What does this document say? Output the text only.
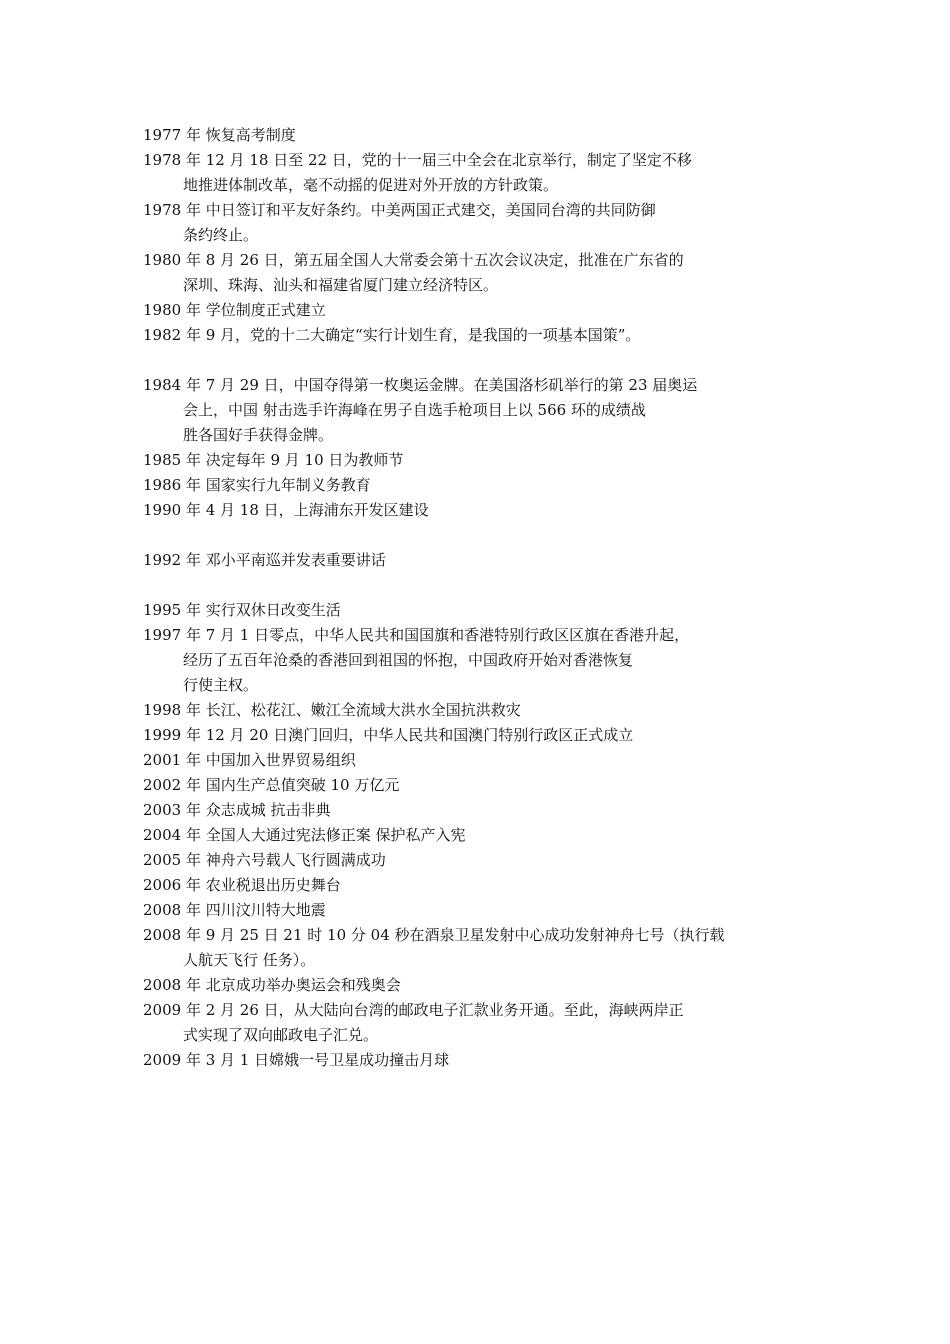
1977 年 恢复高考制度
1978 年 12 月 18 日至 22 日，党的十一届三中全会在北京举行，制定了坚定不移
地推进体制改革，毫不动摇的促进对外开放的方针政策。
1978 年 中日签订和平友好条约。中美两国正式建交，美国同台湾的共同防御
条约终止。
1980 年 8 月 26 日，第五届全国人大常委会第十五次会议决定，批准在广东省的
深圳、珠海、汕头和福建省厦门建立经济特区。
1980 年 学位制度正式建立
1982 年 9 月，党的十二大确定“实行计划生育，是我国的一项基本国策”。
1984 年 7 月 29 日，中国夺得第一枚奥运金牌。在美国洛杉矶举行的第 23 届奥运
会上，中国 射击选手许海峰在男子自选手枪项目上以 566 环的成绩战
胜各国好手获得金牌。
1985 年 决定每年 9 月 10 日为教师节
1986 年 国家实行九年制义务教育
1990 年 4 月 18 日，上海浦东开发区建设
1992 年 邓小平南巡并发表重要讲话
1995 年 实行双休日改变生活
1997 年 7 月 1 日零点，中华人民共和国国旗和香港特别行政区区旗在香港升起，
经历了五百年沧桑的香港回到祖国的怀抱，中国政府开始对香港恢复
行使主权。
1998 年 长江、松花江、嫩江全流域大洪水全国抗洪救灾
1999 年 12 月 20 日澳门回归，中华人民共和国澳门特别行政区正式成立
2001 年 中国加入世界贸易组织
2002 年 国内生产总值突破 10 万亿元
2003 年 众志成城 抗击非典
2004 年 全国人大通过宪法修正案 保护私产入宪
2005 年 神舟六号载人飞行圆满成功
2006 年 农业税退出历史舞台
2008 年 四川汶川特大地震
2008 年 9 月 25 日 21 时 10 分 04 秒在酒泉卫星发射中心成功发射神舟七号（执行载
人航天飞行 任务）。
2008 年 北京成功举办奥运会和残奥会
2009 年 2 月 26 日，从大陆向台湾的邮政电子汇款业务开通。至此，海峡两岸正
式实现了双向邮政电子汇兑。
2009 年 3 月 1 日嫦娥一号卫星成功撞击月球
